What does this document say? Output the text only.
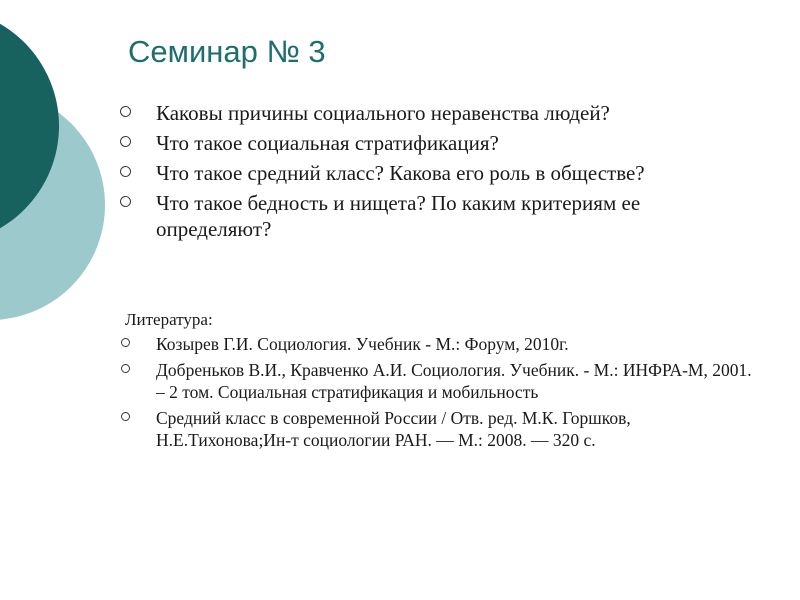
Семинар № 3
Каковы причины социального неравенства людей?
Что такое социальная стратификация?
Что такое средний класс? Какова его роль в обществе?
Что такое бедность и нищета? По каким критериям ее определяют?

Литература:

Козырев Г.И. Социология. Учебник - М.: Форум, 2010г.
Добреньков В.И., Кравченко А.И. Социология. Учебник. - М.: ИНФРА-М, 2001. – 2 том. Социальная стратификация и мобильность
Средний класс в современной России / Отв. ред. М.К. Горшков, Н.Е.Тихонова;Ин-т социологии РАН. — М.: 2008. — 320 с.
